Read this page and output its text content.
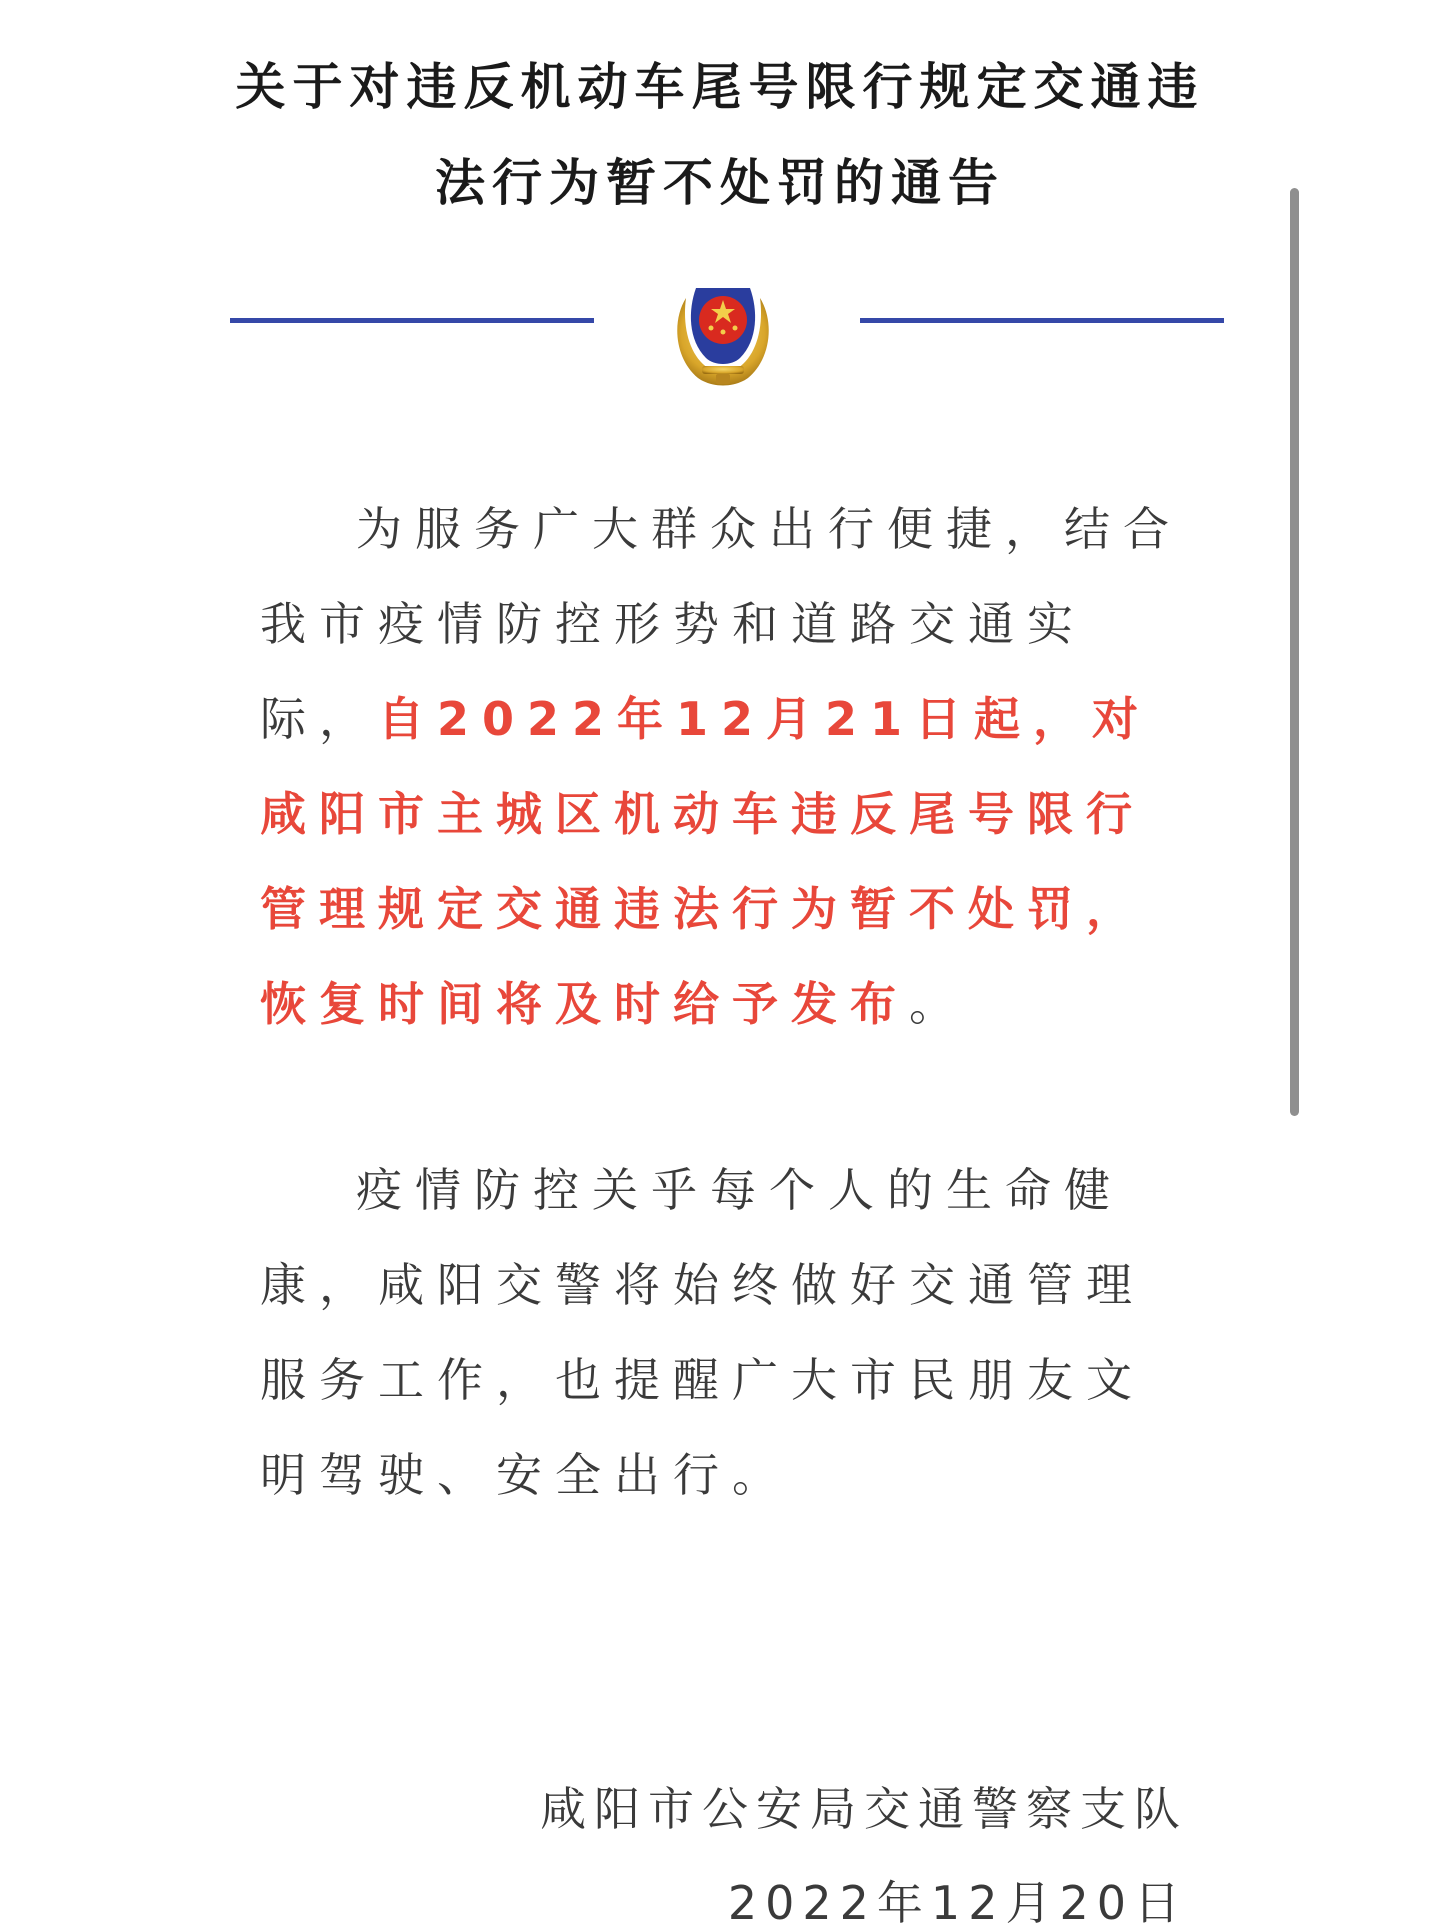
关于对违反机动车尾号限行规定交通违
法行为暂不处罚的通告
为服务广大群众出行便捷，结合我市疫情防控形势和道路交通实际，自2022年12月21日起，对咸阳市主城区机动车违反尾号限行管理规定交通违法行为暂不处罚，恢复时间将及时给予发布。
疫情防控关乎每个人的生命健康，咸阳交警将始终做好交通管理服务工作，也提醒广大市民朋友文明驾驶、安全出行。
咸阳市公安局交通警察支队
2022年12月20日
